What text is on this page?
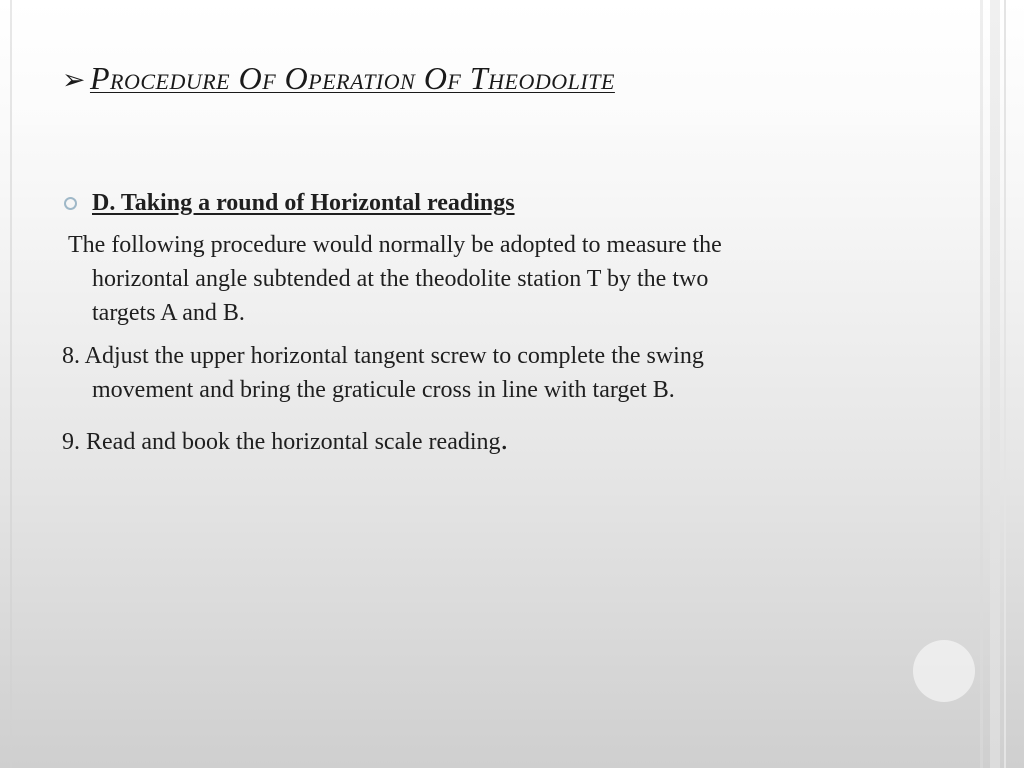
➢ Procedure Of Operation Of Theodolite
D. Taking a round of Horizontal readings
The following procedure would normally be adopted to measure the
horizontal angle subtended at the theodolite station T by the two
targets A and B.
8. Adjust the upper horizontal tangent screw to complete the swing
movement and bring the graticule cross in line with target B.
9. Read and book the horizontal scale reading.
